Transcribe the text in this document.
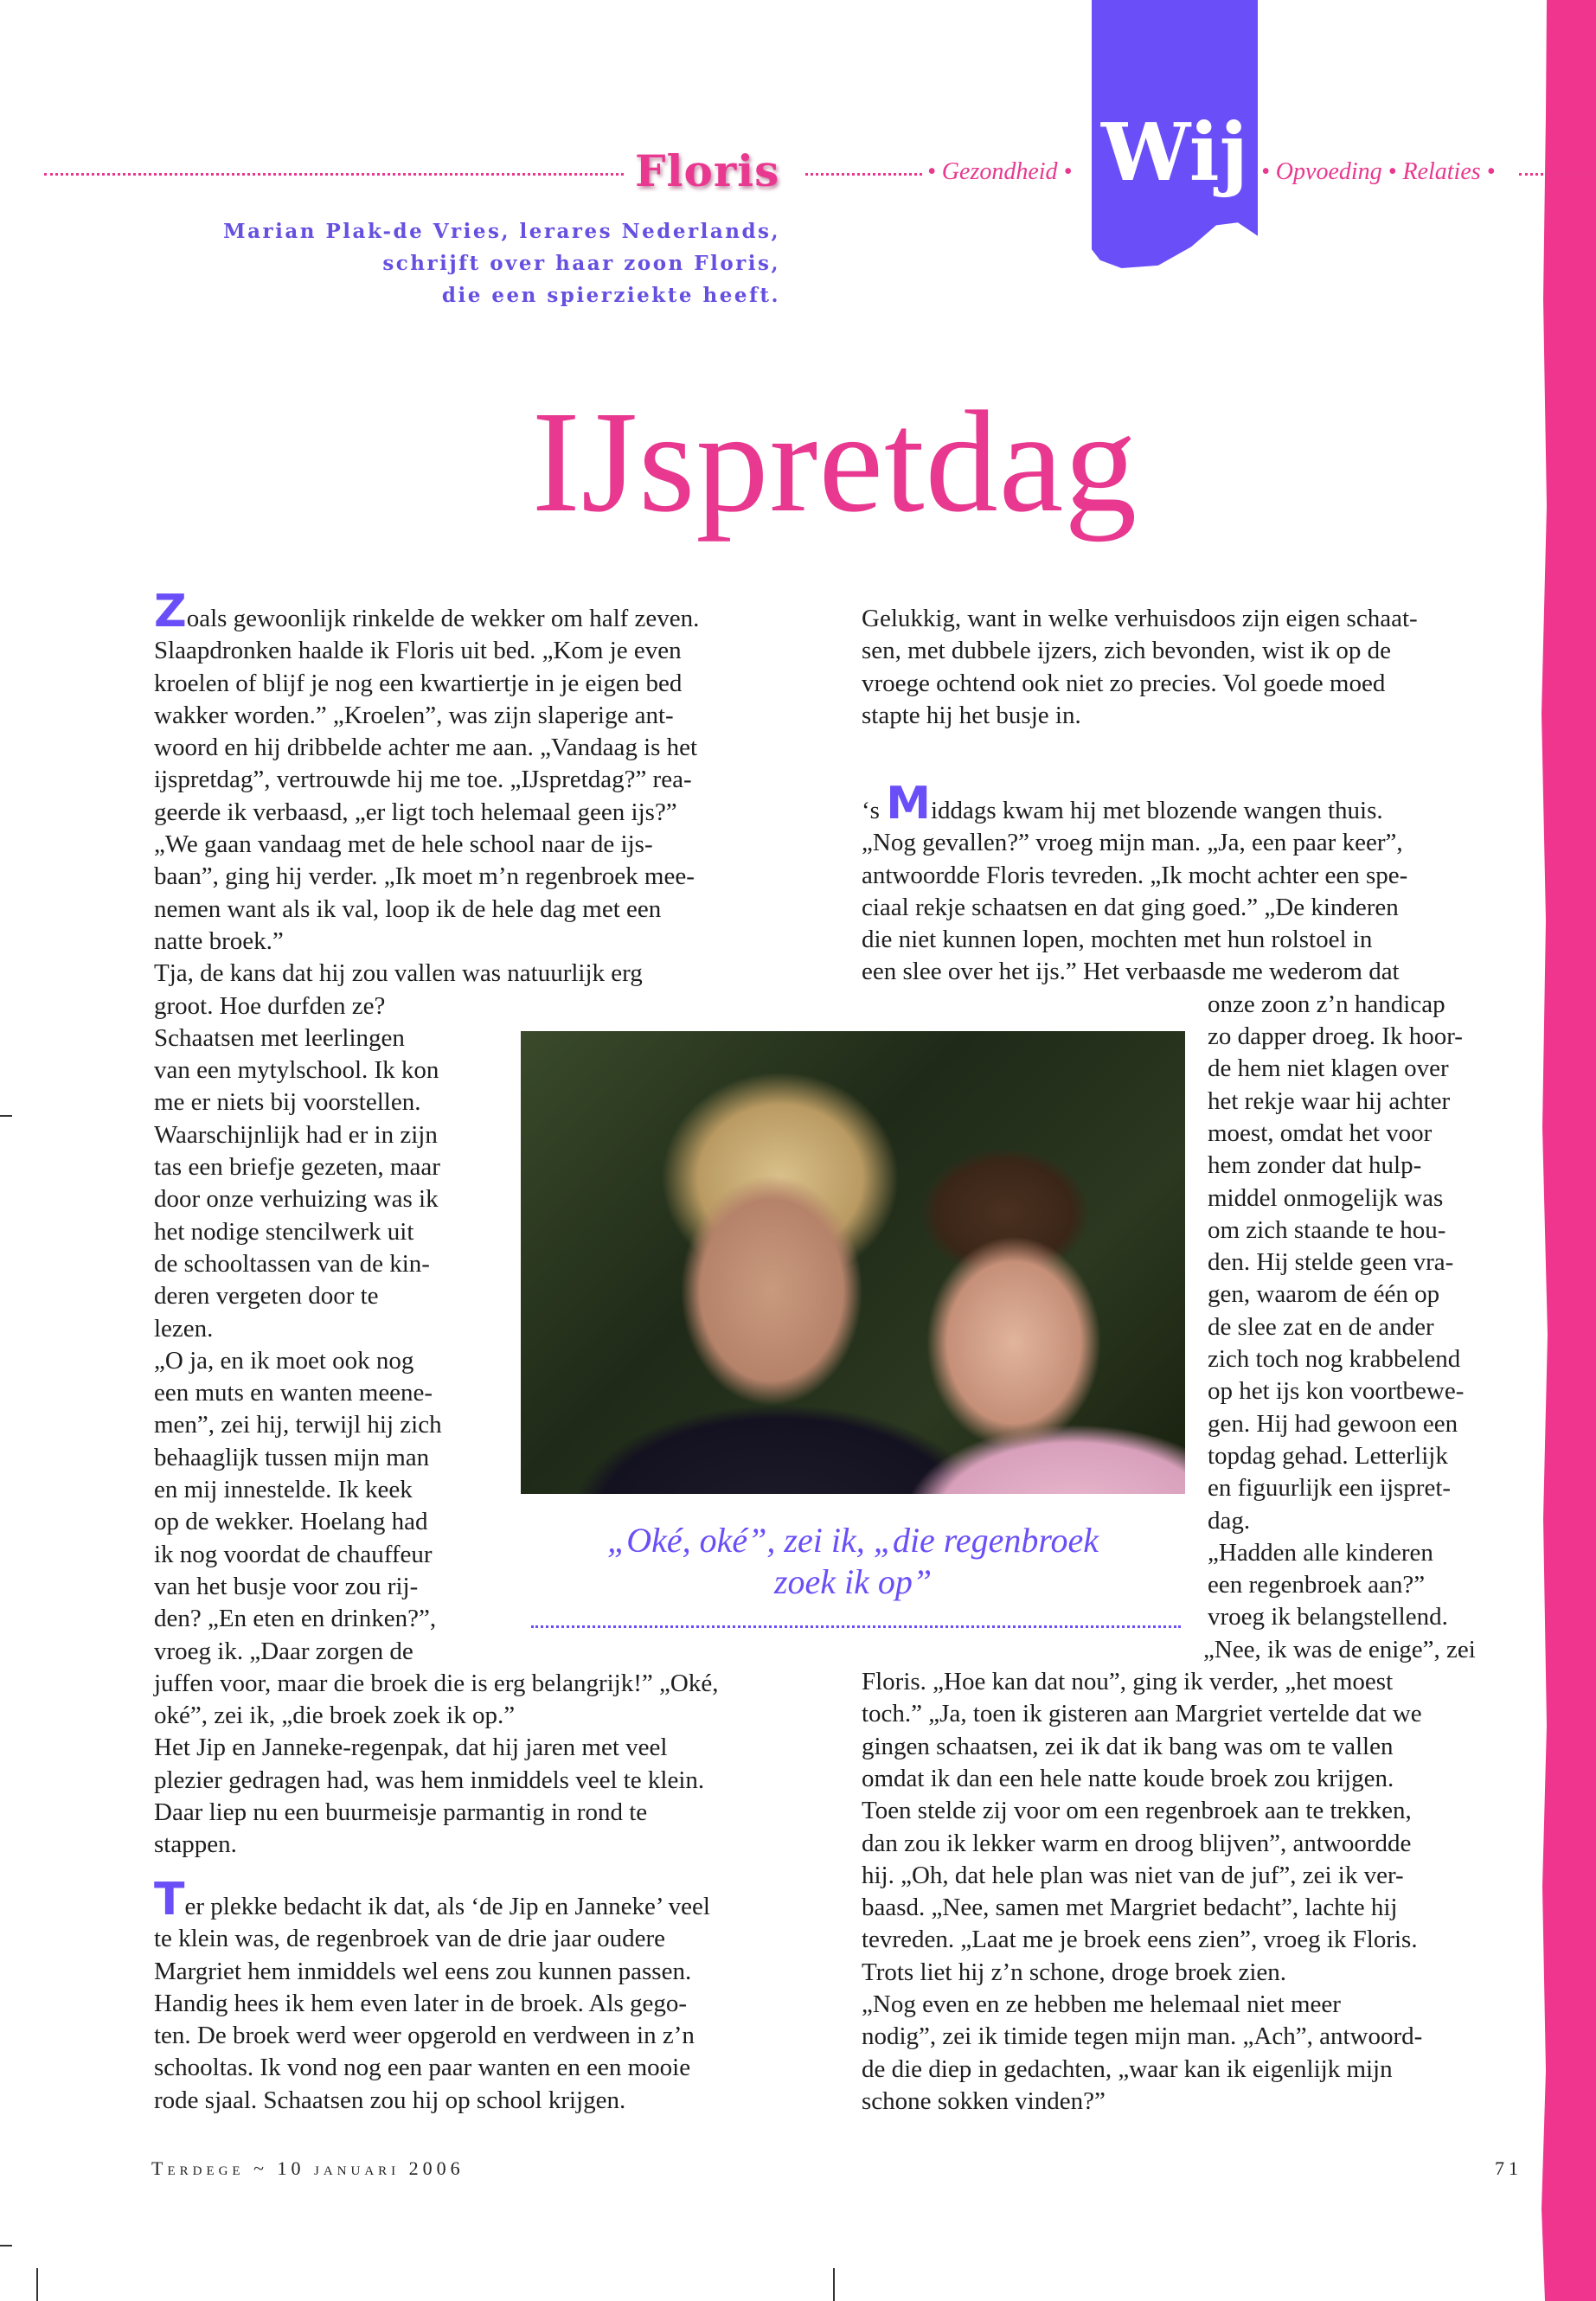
Floris	• Gezondheid • Wij • Opvoeding • Relaties •
Marian Plak-de Vries, lerares Nederlands,
schrijft over haar zoon Floris,
die een spierziekte heeft.
IJspretdag
Zoals gewoonlijk rinkelde de wekker om half zeven.
Slaapdronken haalde ik Floris uit bed. „Kom je even
kroelen of blijf je nog een kwartiertje in je eigen bed
wakker worden.” „Kroelen”, was zijn slaperige ant-
woord en hij dribbelde achter me aan. „Vandaag is het
ijspretdag”, vertrouwde hij me toe. „IJspretdag?” rea-
geerde ik verbaasd, „er ligt toch helemaal geen ijs?”
„We gaan vandaag met de hele school naar de ijs-
baan”, ging hij verder. „Ik moet m’n regenbroek mee-
nemen want als ik val, loop ik de hele dag met een
natte broek.”
Tja, de kans dat hij zou vallen was natuurlijk erg
groot. Hoe durfden ze?
Schaatsen met leerlingen
van een mytylschool. Ik kon
me er niets bij voorstellen.
Waarschijnlijk had er in zijn
tas een briefje gezeten, maar
door onze verhuizing was ik
het nodige stencilwerk uit
de schooltassen van de kin-
deren vergeten door te
lezen.
„O ja, en ik moet ook nog
een muts en wanten meene-
men”, zei hij, terwijl hij zich
behaaglijk tussen mijn man
en mij innestelde. Ik keek
op de wekker. Hoelang had
ik nog voordat de chauffeur
van het busje voor zou rij-
den? „En eten en drinken?”,
vroeg ik. „Daar zorgen de
juffen voor, maar die broek die is erg belangrijk!” „Oké,
oké”, zei ik, „die broek zoek ik op.”
Het Jip en Janneke-regenpak, dat hij jaren met veel
plezier gedragen had, was hem inmiddels veel te klein.
Daar liep nu een buurmeisje parmantig in rond te
stappen.
Ter plekke bedacht ik dat, als ‘de Jip en Janneke’ veel
te klein was, de regenbroek van de drie jaar oudere
Margriet hem inmiddels wel eens zou kunnen passen.
Handig hees ik hem even later in de broek. Als gego-
ten. De broek werd weer opgerold en verdween in z’n
schooltas. Ik vond nog een paar wanten en een mooie
rode sjaal. Schaatsen zou hij op school krijgen.
Gelukkig, want in welke verhuisdoos zijn eigen schaat-
sen, met dubbele ijzers, zich bevonden, wist ik op de
vroege ochtend ook niet zo precies. Vol goede moed
stapte hij het busje in.
‘s Middags kwam hij met blozende wangen thuis.
„Nog gevallen?” vroeg mijn man. „Ja, een paar keer”,
antwoordde Floris tevreden. „Ik mocht achter een spe-
ciaal rekje schaatsen en dat ging goed.” „De kinderen
die niet kunnen lopen, mochten met hun rolstoel in
een slee over het ijs.” Het verbaasde me wederom dat
onze zoon z’n handicap
zo dapper droeg. Ik hoor-
de hem niet klagen over
het rekje waar hij achter
moest, omdat het voor
hem zonder dat hulp-
middel onmogelijk was
om zich staande te hou-
den. Hij stelde geen vra-
gen, waarom de één op
de slee zat en de ander
zich toch nog krabbelend
op het ijs kon voortbewe-
gen. Hij had gewoon een
topdag gehad. Letterlijk
en figuurlijk een ijspret-
dag.
„Hadden alle kinderen
een regenbroek aan?”
vroeg ik belangstellend.
„Nee, ik was de enige”, zei
Floris. „Hoe kan dat nou”, ging ik verder, „het moest
toch.” „Ja, toen ik gisteren aan Margriet vertelde dat we
gingen schaatsen, zei ik dat ik bang was om te vallen
omdat ik dan een hele natte koude broek zou krijgen.
Toen stelde zij voor om een regenbroek aan te trekken,
dan zou ik lekker warm en droog blijven”, antwoordde
hij. „Oh, dat hele plan was niet van de juf”, zei ik ver-
baasd. „Nee, samen met Margriet bedacht”, lachte hij
tevreden. „Laat me je broek eens zien”, vroeg ik Floris.
Trots liet hij z’n schone, droge broek zien.
„Nog even en ze hebben me helemaal niet meer
nodig”, zei ik timide tegen mijn man. „Ach”, antwoord-
de die diep in gedachten, „waar kan ik eigenlijk mijn
schone sokken vinden?”
„Oké, oké”, zei ik, „die regenbroek
zoek ik op”
Terdege ~ 10 januari 2006	71
